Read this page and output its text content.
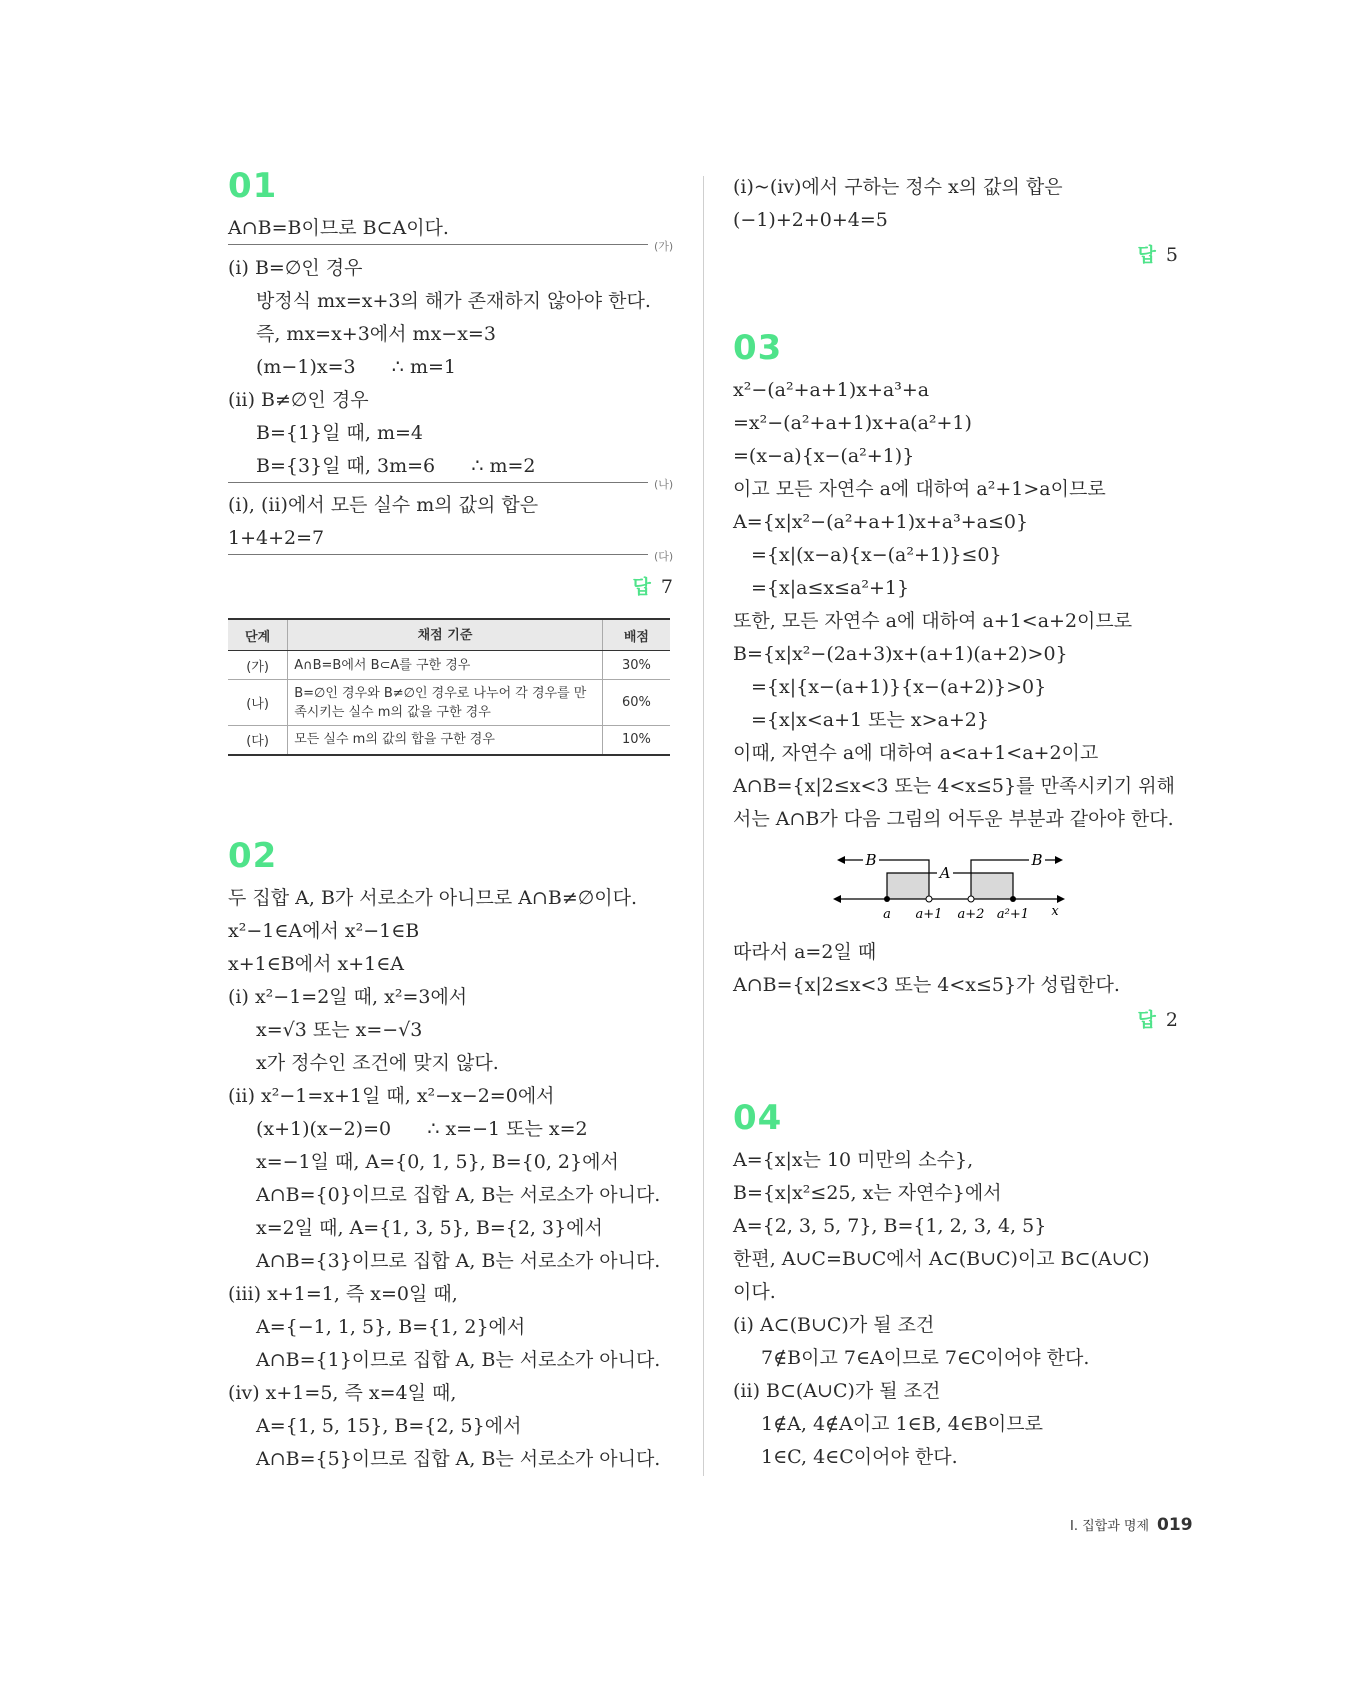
01
A∩B=B이므로 B⊂A이다.
(가)
(ⅰ) B=∅인 경우
방정식 mx=x+3의 해가 존재하지 않아야 한다.
즉, mx=x+3에서 mx−x=3
(m−1)x=3      ∴ m=1
(ⅱ) B≠∅인 경우
B={1}일 때, m=4
B={3}일 때, 3m=6      ∴ m=2
(나)
(ⅰ), (ⅱ)에서 모든 실수 m의 값의 합은
1+4+2=7
(다)
답 7
단계	채점 기준	배점
(가)	A∩B=B에서 B⊂A를 구한 경우	30%
(나)	B=∅인 경우와 B≠∅인 경우로 나누어 각 경우를 만족시키는 실수 m의 값을 구한 경우	60%
(다)	모든 실수 m의 값의 합을 구한 경우	10%
02
두 집합 A, B가 서로소가 아니므로 A∩B≠∅이다.
x²−1∈A에서 x²−1∈B
x+1∈B에서 x+1∈A
(ⅰ) x²−1=2일 때, x²=3에서
x=√3 또는 x=−√3
x가 정수인 조건에 맞지 않다.
(ⅱ) x²−1=x+1일 때, x²−x−2=0에서
(x+1)(x−2)=0      ∴ x=−1 또는 x=2
x=−1일 때, A={0, 1, 5}, B={0, 2}에서
A∩B={0}이므로 집합 A, B는 서로소가 아니다.
x=2일 때, A={1, 3, 5}, B={2, 3}에서
A∩B={3}이므로 집합 A, B는 서로소가 아니다.
(ⅲ) x+1=1, 즉 x=0일 때,
A={−1, 1, 5}, B={1, 2}에서
A∩B={1}이므로 집합 A, B는 서로소가 아니다.
(ⅳ) x+1=5, 즉 x=4일 때,
A={1, 5, 15}, B={2, 5}에서
A∩B={5}이므로 집합 A, B는 서로소가 아니다.
(ⅰ)~(ⅳ)에서 구하는 정수 x의 값의 합은
(−1)+2+0+4=5
답 5
03
x²−(a²+a+1)x+a³+a
=x²−(a²+a+1)x+a(a²+1)
=(x−a){x−(a²+1)}
이고 모든 자연수 a에 대하여 a²+1>a이므로
A={x|x²−(a²+a+1)x+a³+a≤0}
={x|(x−a){x−(a²+1)}≤0}
={x|a≤x≤a²+1}
또한, 모든 자연수 a에 대하여 a+1<a+2이므로
B={x|x²−(2a+3)x+(a+1)(a+2)>0}
={x|{x−(a+1)}{x−(a+2)}>0}
={x|x<a+1 또는 x>a+2}
이때, 자연수 a에 대하여 a<a+1<a+2이고
A∩B={x|2≤x<3 또는 4<x≤5}를 만족시키기 위해
서는 A∩B가 다음 그림의 어두운 부분과 같아야 한다.
B
A
B
a a+1 a+2 a²+1 x
따라서 a=2일 때
A∩B={x|2≤x<3 또는 4<x≤5}가 성립한다.
답 2
04
A={x|x는 10 미만의 소수},
B={x|x²≤25, x는 자연수}에서
A={2, 3, 5, 7}, B={1, 2, 3, 4, 5}
한편, A∪C=B∪C에서 A⊂(B∪C)이고 B⊂(A∪C)
이다.
(ⅰ) A⊂(B∪C)가 될 조건
7∉B이고 7∈A이므로 7∈C이어야 한다.
(ⅱ) B⊂(A∪C)가 될 조건
1∉A, 4∉A이고 1∈B, 4∈B이므로
1∈C, 4∈C이어야 한다.
Ⅰ. 집합과 명제 019
